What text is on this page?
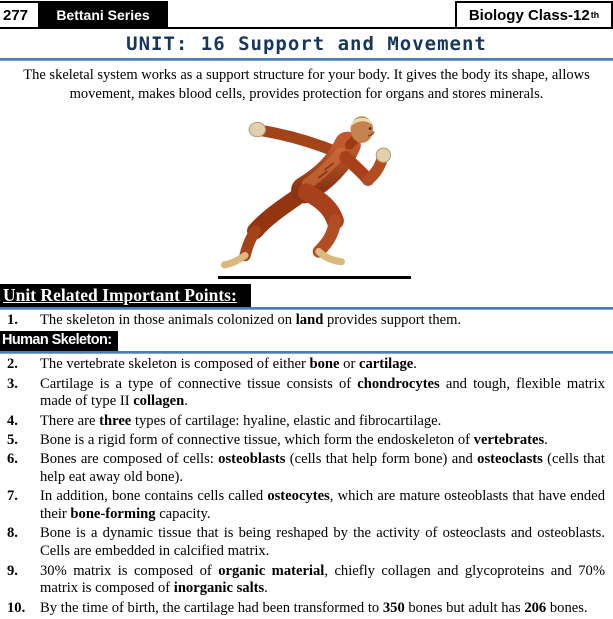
277	Bettani Series	Biology Class-12 th
UNIT: 16 Support and Movement

The skeletal system works as a support structure for your body. It gives the body its shape, allows movement, makes blood cells, provides protection for organs and stores minerals.

Unit Related Important Points:
1.	The skeleton in those animals colonized on land provides support them.
Human Skeleton:
2.	The vertebrate skeleton is composed of either bone or cartilage.
3.	Cartilage is a type of connective tissue consists of chondrocytes and tough, flexible matrix made of type II collagen.
4.	There are three types of cartilage: hyaline, elastic and fibrocartilage.
5.	Bone is a rigid form of connective tissue, which form the endoskeleton of vertebrates.
6.	Bones are composed of cells: osteoblasts (cells that help form bone) and osteoclasts (cells that help eat away old bone).
7.	In addition, bone contains cells called osteocytes, which are mature osteoblasts that have ended their bone-forming capacity.
8.	Bone is a dynamic tissue that is being reshaped by the activity of osteoclasts and osteoblasts. Cells are embedded in calcified matrix.
9.	30% matrix is composed of organic material, chiefly collagen and glycoproteins and 70% matrix is composed of inorganic salts.
10.	By the time of birth, the cartilage had been transformed to 350 bones but adult has 206 bones.
